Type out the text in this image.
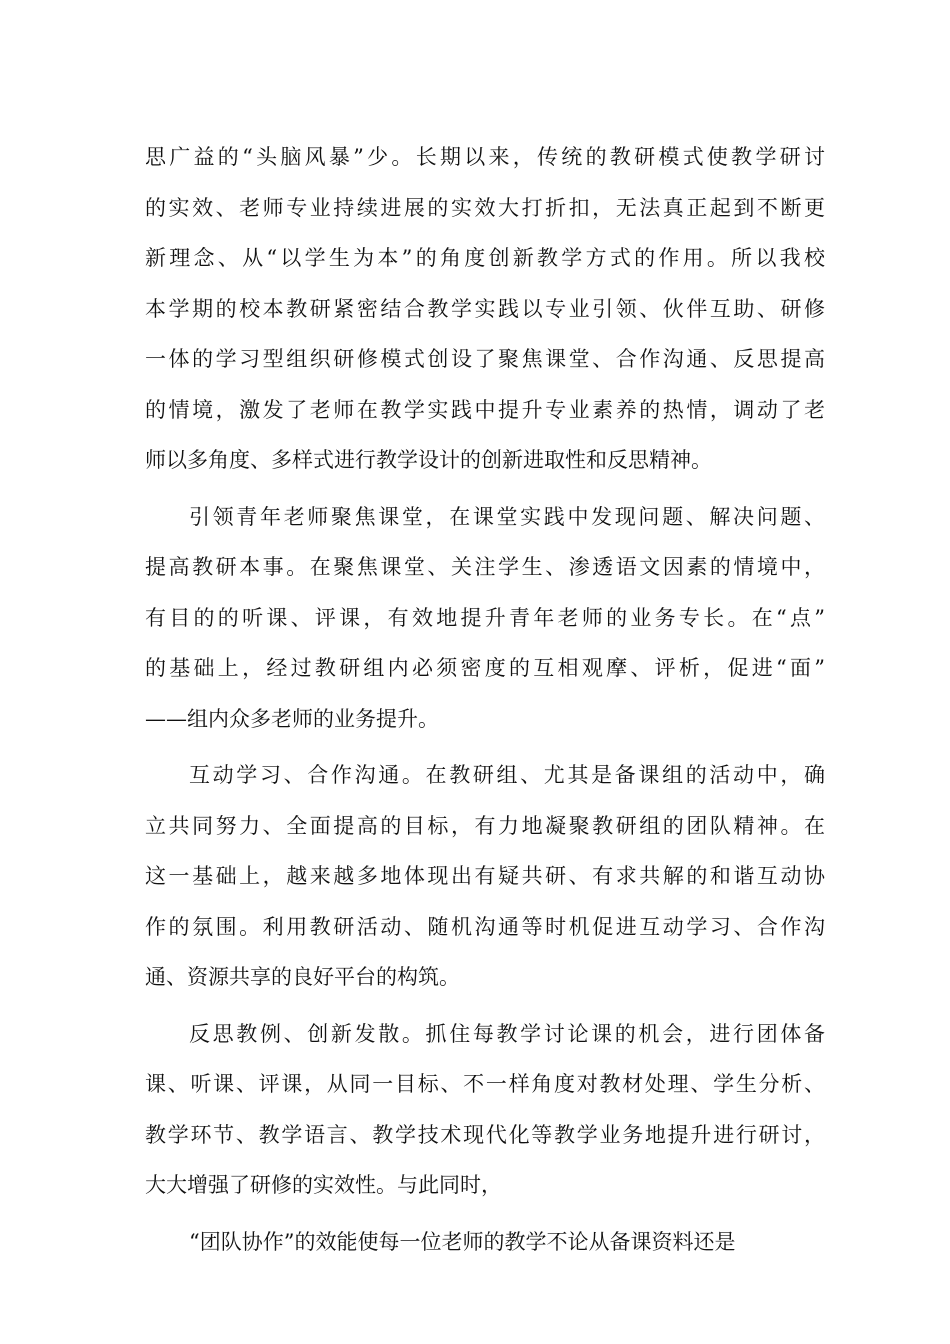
思广益的“头脑风暴”少。长期以来，传统的教研模式使教学研讨
的实效、老师专业持续进展的实效大打折扣，无法真正起到不断更
新理念、从“以学生为本”的角度创新教学方式的作用。所以我校
本学期的校本教研紧密结合教学实践以专业引领、伙伴互助、研修
一体的学习型组织研修模式创设了聚焦课堂、合作沟通、反思提高
的情境，激发了老师在教学实践中提升专业素养的热情，调动了老
师以多角度、多样式进行教学设计的创新进取性和反思精神。
引领青年老师聚焦课堂，在课堂实践中发现问题、解决问题、
提高教研本事。在聚焦课堂、关注学生、渗透语文因素的情境中，
有目的的听课、评课，有效地提升青年老师的业务专长。在“点”
的基础上，经过教研组内必须密度的互相观摩、评析，促进“面”
——组内众多老师的业务提升。
互动学习、合作沟通。在教研组、尤其是备课组的活动中，确
立共同努力、全面提高的目标，有力地凝聚教研组的团队精神。在
这一基础上，越来越多地体现出有疑共研、有求共解的和谐互动协
作的氛围。利用教研活动、随机沟通等时机促进互动学习、合作沟
通、资源共享的良好平台的构筑。
反思教例、创新发散。抓住每教学讨论课的机会，进行团体备
课、听课、评课，从同一目标、不一样角度对教材处理、学生分析、
教学环节、教学语言、教学技术现代化等教学业务地提升进行研讨，
大大增强了研修的实效性。与此同时，
“团队协作”的效能使每一位老师的教学不论从备课资料还是
